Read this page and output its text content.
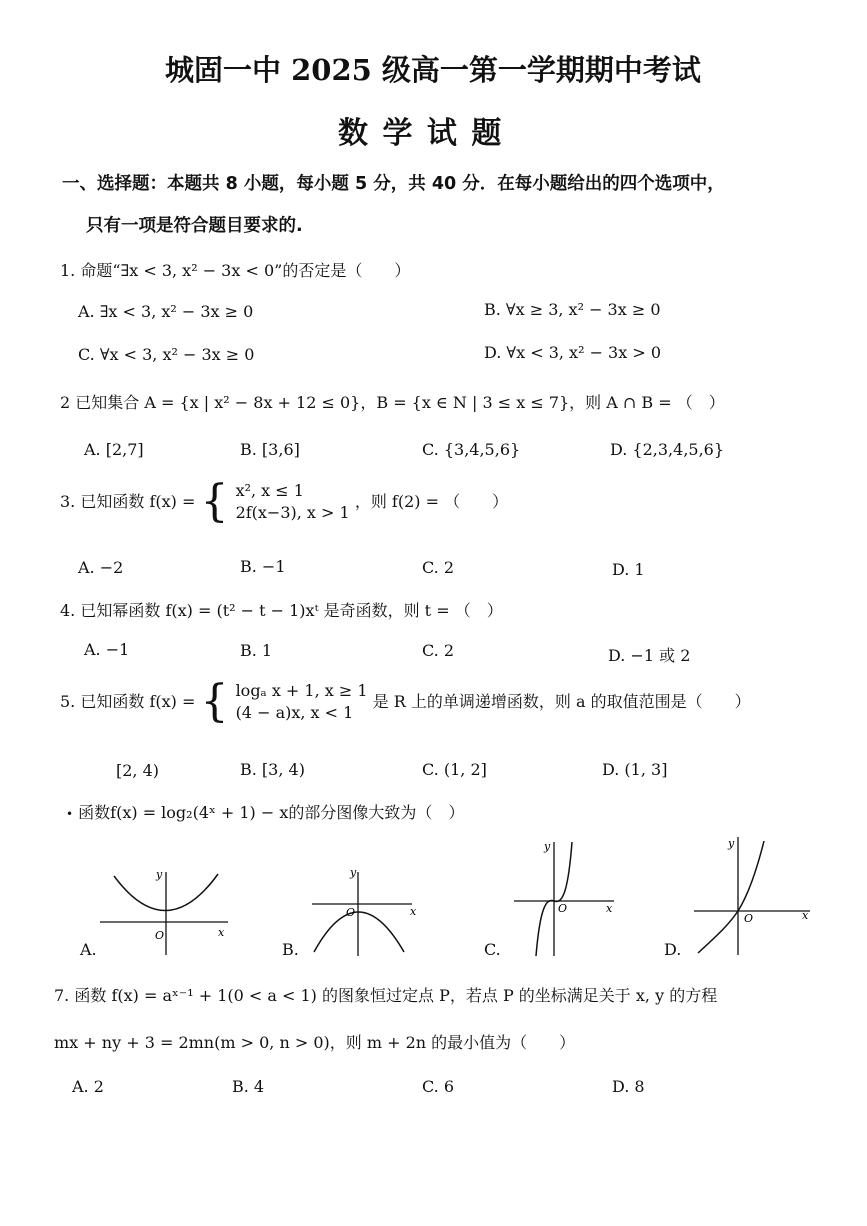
城固一中 2025 级高一第一学期期中考试
数 学 试 题
一、选择题：本题共 8 小题，每小题 5 分，共 40 分．在每小题给出的四个选项中，
只有一项是符合题目要求的.
1. 命题“∃x < 3, x² − 3x < 0”的否定是（　　）
A. ∃x < 3, x² − 3x ≥ 0	B. ∀x ≥ 3, x² − 3x ≥ 0
C. ∀x < 3, x² − 3x ≥ 0	D. ∀x < 3, x² − 3x > 0
2 已知集合 A = {x | x² − 8x + 12 ≤ 0}，B = {x ∈ N | 3 ≤ x ≤ 7}，则 A ∩ B = （　）
A. [2,7]	B. [3,6]	C. {3,4,5,6}	D. {2,3,4,5,6}
3. 已知函数 f(x) = { x², x ≤ 1
2f(x−3), x > 1 ，则 f(2) = （　　）
A. −2	B. −1	C. 2	D. 1
4. 已知幂函数 f(x) = (t² − t − 1)xᵗ 是奇函数，则 t = （　）
A. −1	B. 1	C. 2	D. −1 或 2
5. 已知函数 f(x) = { logₐ x + 1, x ≥ 1
(4 − a)x, x < 1 是 R 上的单调递增函数，则 a 的取值范围是（　　）
[2, 4)	B. [3, 4)	C. (1, 2]	D. (1, 3]
• 函数f(x) = log₂(4ˣ + 1) − x的部分图像大致为（　）
y
x
O
A.
y
x
O
B.
y
x
O
C.
y
x
O
D.
7. 函数 f(x) = aˣ⁻¹ + 1(0 < a < 1) 的图象恒过定点 P，若点 P 的坐标满足关于 x, y 的方程
mx + ny + 3 = 2mn(m > 0, n > 0)，则 m + 2n 的最小值为（　　）
A. 2	B. 4	C. 6	D. 8
